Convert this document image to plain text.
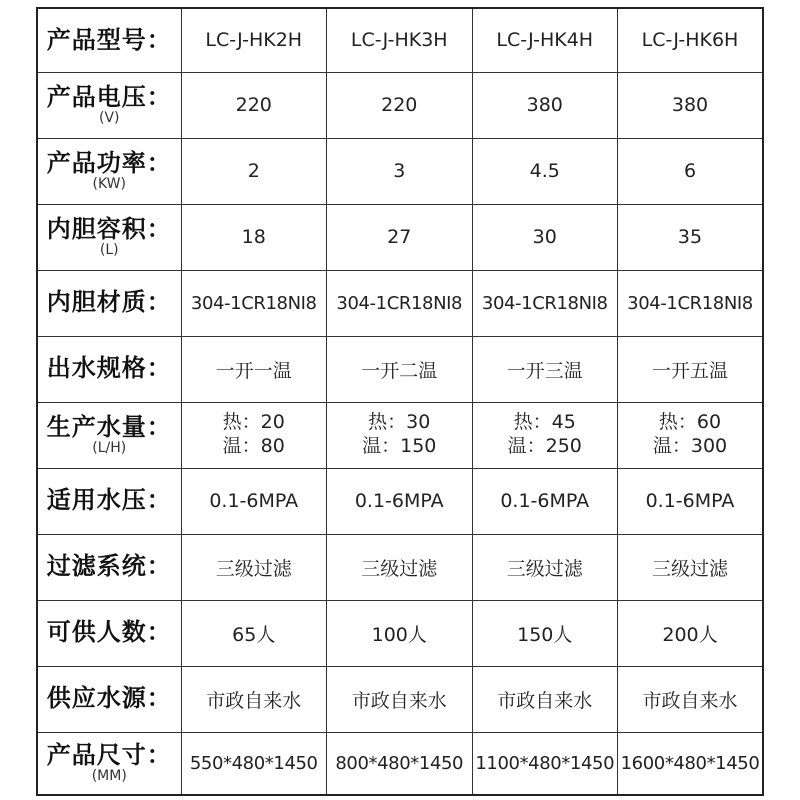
产品型号：	LC-J-HK2H	LC-J-HK3H	LC-J-HK4H	LC-J-HK6H

产品电压：
(V)	220	220	380	380

产品功率：
(KW)	2	3	4.5	6

内胆容积：
(L)	18	27	30	35

内胆材质：	304-1CR18NI8	304-1CR18NI8	304-1CR18NI8	304-1CR18NI8

出水规格：	一开一温	一开二温	一开三温	一开五温

生产水量：
(L/H)	热：20
温：80	热：30
温：150	热：45
温：250	热：60
温：300

适用水压：	0.1-6MPA	0.1-6MPA	0.1-6MPA	0.1-6MPA

过滤系统：	三级过滤	三级过滤	三级过滤	三级过滤

可供人数：	65人	100人	150人	200人

供应水源：	市政自来水	市政自来水	市政自来水	市政自来水

产品尺寸：
(MM)	550*480*1450	800*480*1450	1100*480*1450	1600*480*1450
